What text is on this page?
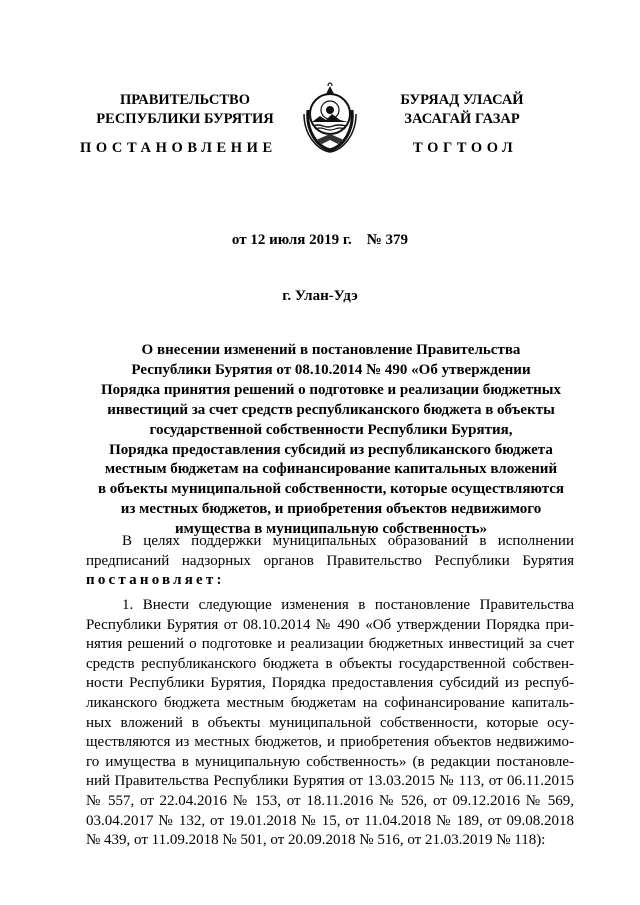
ПРАВИТЕЛЬСТВО
РЕСПУБЛИКИ БУРЯТИЯ
БУРЯАД УЛАСАЙ
ЗАСАГАЙ ГАЗАР
ПОСТАНОВЛЕНИЕ	ТОГТООЛ
от 12 июля 2019 г.    № 379
г. Улан-Удэ
О внесении изменений в постановление Правительства
Республики Бурятия от 08.10.2014 № 490 «Об утверждении
Порядка принятия решений о подготовке и реализации бюджетных
инвестиций за счет средств республиканского бюджета в объекты
государственной собственности Республики Бурятия,
Порядка предоставления субсидий из республиканского бюджета
местным бюджетам на софинансирование капитальных вложений
в объекты муниципальной собственности, которые осуществляются
из местных бюджетов, и приобретения объектов недвижимого
имущества в муниципальную собственность»
В целях поддержки муниципальных образований в исполнении
предписаний надзорных органов Правительство Республики Бурятия
постановляет:
1. Внести следующие изменения в постановление Правительства
Республики Бурятия от 08.10.2014 № 490 «Об утверждении Порядка при-
нятия решений о подготовке и реализации бюджетных инвестиций за счет
средств республиканского бюджета в объекты государственной собствен-
ности Республики Бурятия, Порядка предоставления субсидий из респуб-
ликанского бюджета местным бюджетам на софинансирование капиталь-
ных вложений в объекты муниципальной собственности, которые осу-
ществляются из местных бюджетов, и приобретения объектов недвижимо-
го имущества в муниципальную собственность» (в редакции постановле-
ний Правительства Республики Бурятия от 13.03.2015 № 113, от 06.11.2015
№ 557, от 22.04.2016 № 153, от 18.11.2016 № 526, от 09.12.2016 № 569,
03.04.2017 № 132, от 19.01.2018 № 15, от 11.04.2018 № 189, от 09.08.2018
№ 439, от 11.09.2018 № 501, от 20.09.2018 № 516, от 21.03.2019 № 118):
